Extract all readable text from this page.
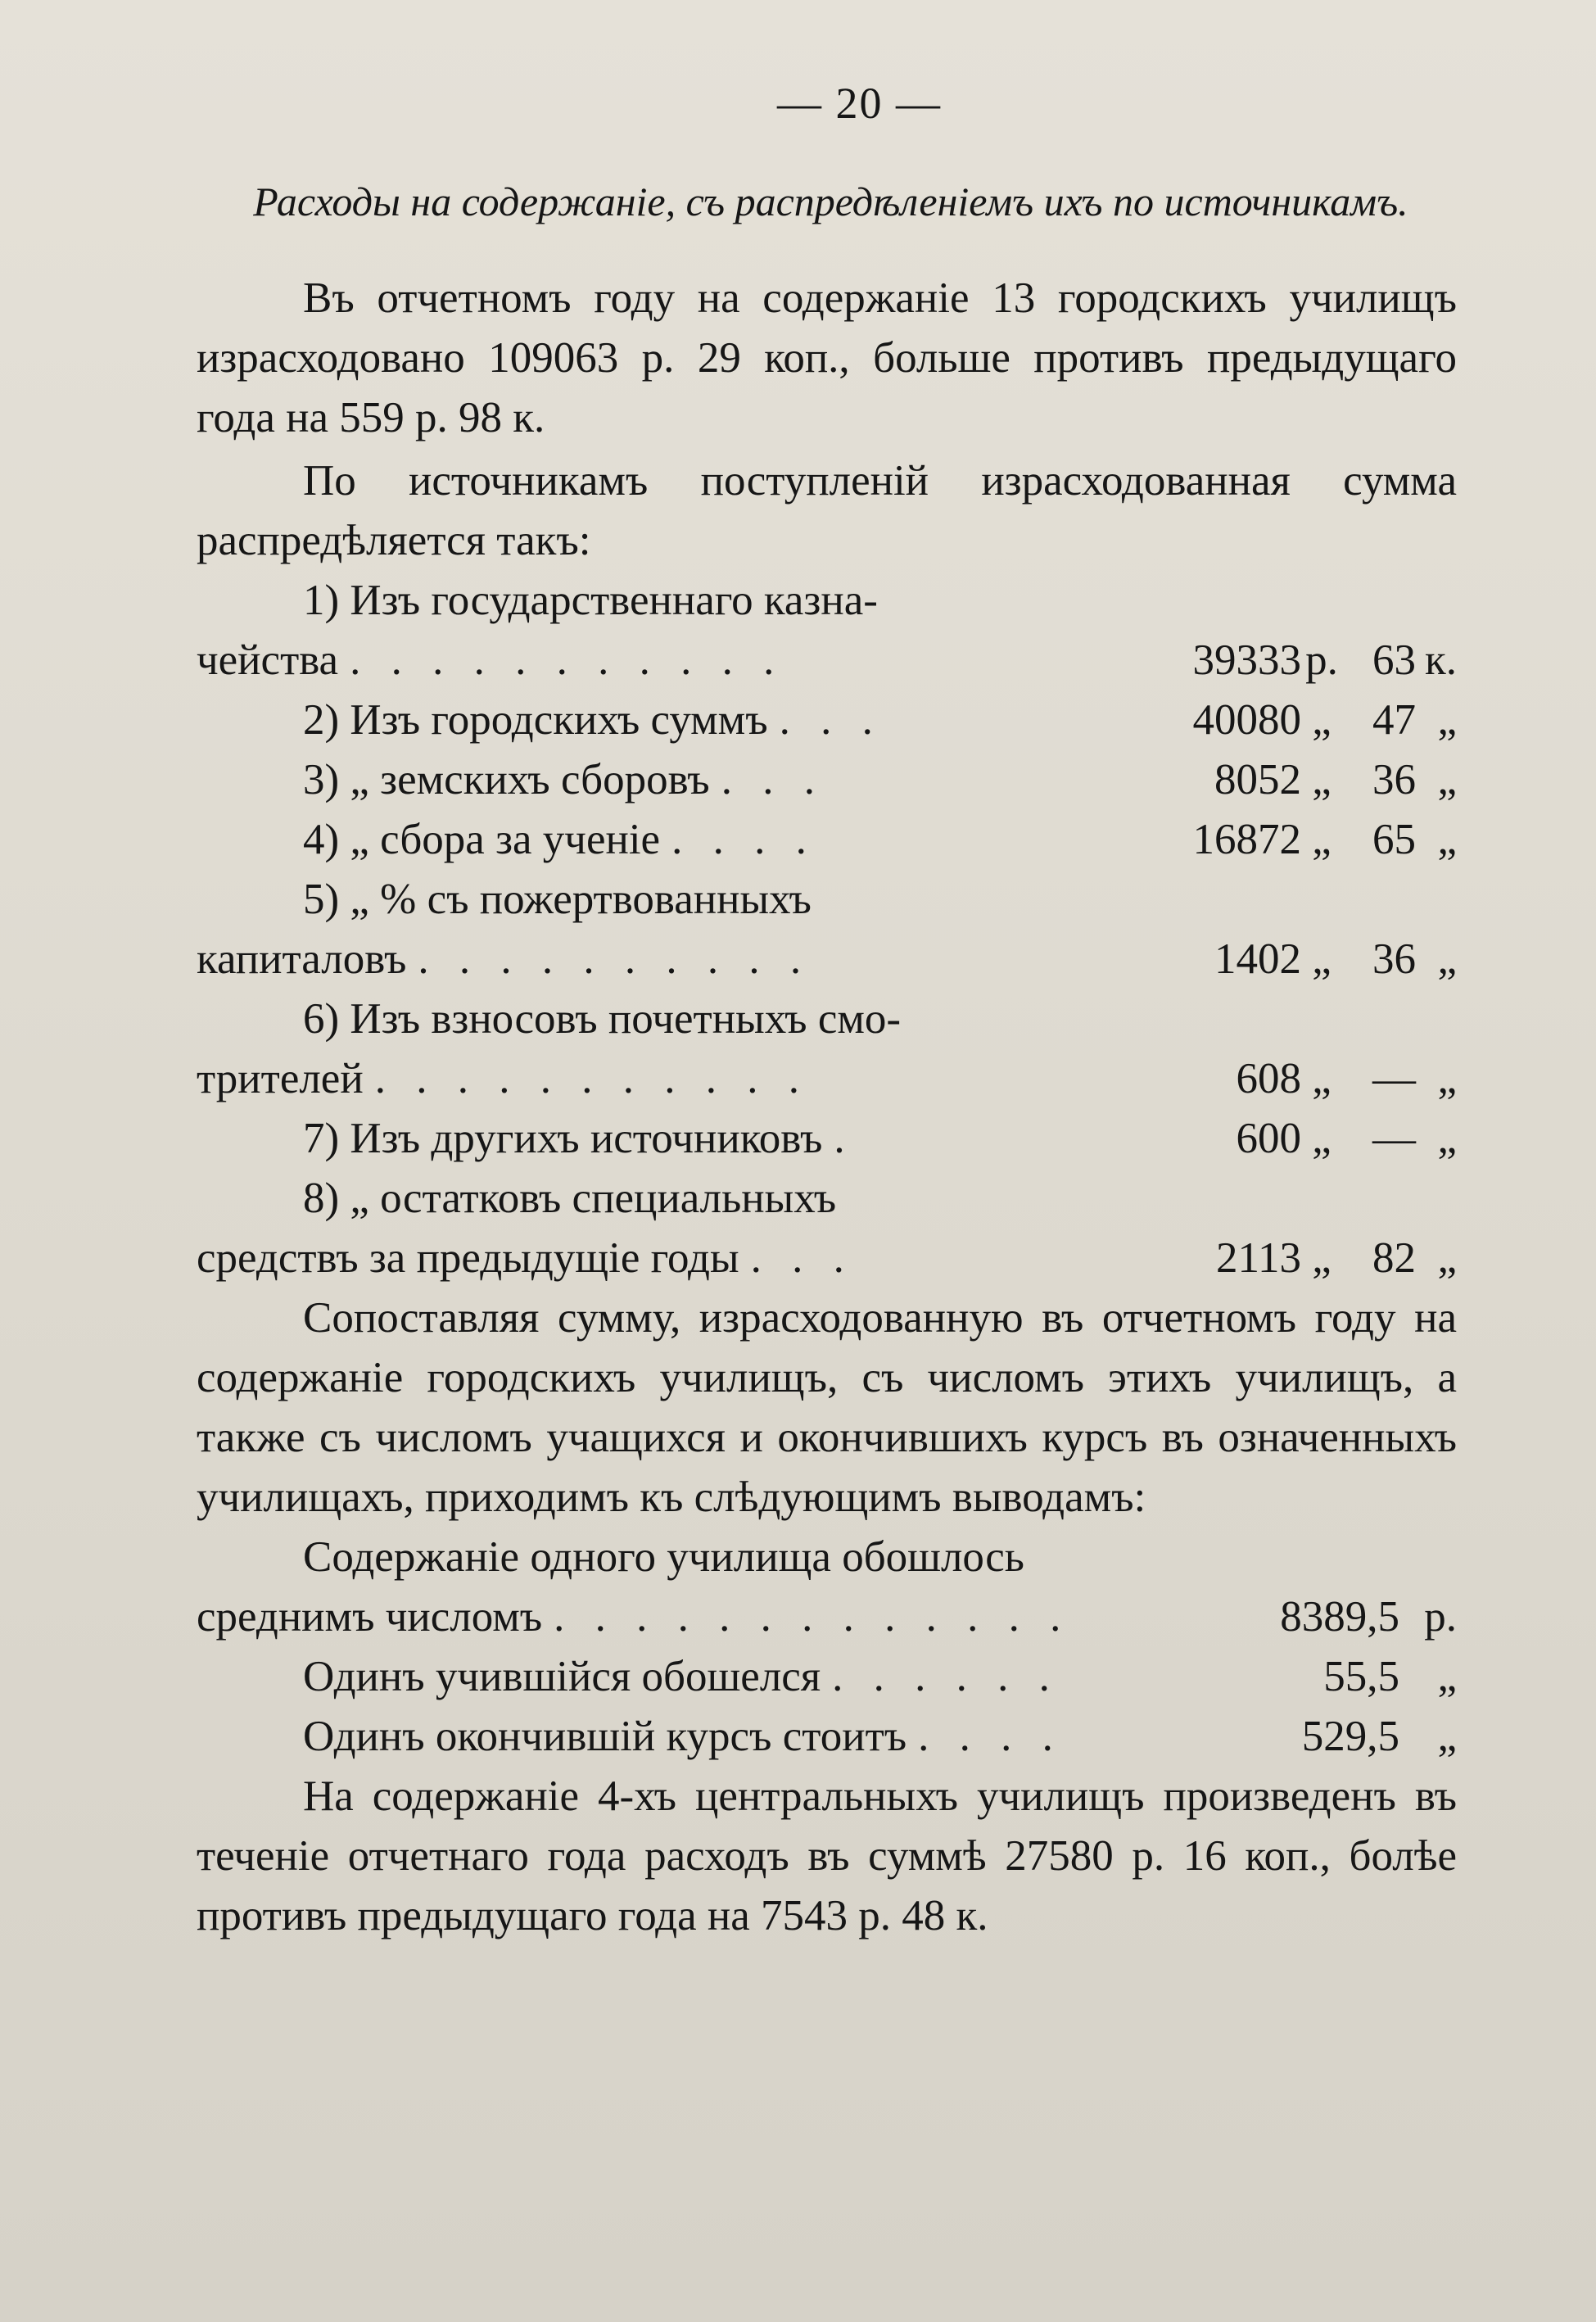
— 20 —
Расходы на содержаніе, съ распредѣленіемъ ихъ по источникамъ.

Въ отчетномъ году на содержаніе 13 городскихъ училищъ израсходовано 109063 р. 29 коп., больше противъ предыдущаго года на 559 р. 98 к.

По источникамъ поступленій израсходованная сумма распредѣляется такъ:

1) Изъ государственнаго казна-
чейства . . . . . . . . . . .	39333 р. 63 к.
2) Изъ городскихъ суммъ . . .	40080 „ 47 „
3) „ земскихъ сборовъ . . .	8052 „ 36 „
4) „ сбора за ученіе . . . .	16872 „ 65 „
5) „ % съ пожертвованныхъ
капиталовъ . . . . . . . . . .	1402 „ 36 „
6) Изъ взносовъ почетныхъ смо-
трителей . . . . . . . . . . .	608 „ — „
7) Изъ другихъ источниковъ .	600 „ — „
8) „ остатковъ специальныхъ
средствъ за предыдущіе годы . . .	2113 „ 82 „

Сопоставляя сумму, израсходованную въ отчетномъ году на содержаніе городскихъ училищъ, съ числомъ этихъ училищъ, а также съ числомъ учащихся и окончившихъ курсъ въ означенныхъ училищахъ, приходимъ къ слѣдующимъ выводамъ:

Содержаніе одного училища обошлось
среднимъ числомъ . . . . . . . . . . . . .	8389,5 р.
Одинъ учившійся обошелся . . . . . .	55,5 „
Одинъ окончившій курсъ стоитъ . . . .	529,5 „

На содержаніе 4-хъ центральныхъ училищъ произведенъ въ теченіе отчетнаго года расходъ въ суммѣ 27580 р. 16 коп., болѣе противъ предыдущаго года на 7543 р. 48 к.
